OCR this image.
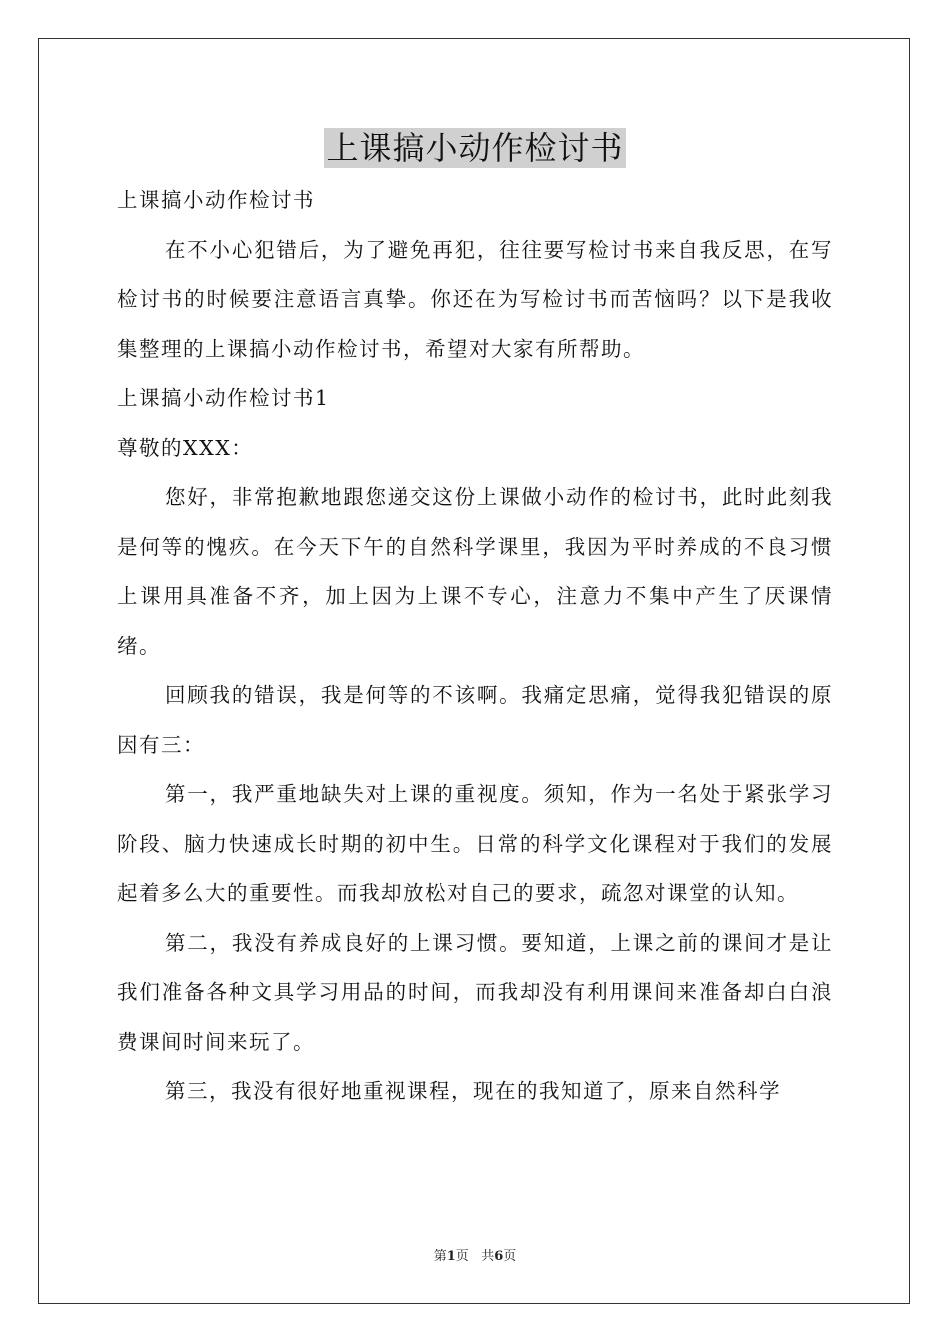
上课搞小动作检讨书

上课搞小动作检讨书

在不小心犯错后，为了避免再犯，往往要写检讨书来自我反思，在写检讨书的时候要注意语言真挚。你还在为写检讨书而苦恼吗？以下是我收集整理的上课搞小动作检讨书，希望对大家有所帮助。

上课搞小动作检讨书1

尊敬的XXX：

您好，非常抱歉地跟您递交这份上课做小动作的检讨书，此时此刻我是何等的愧疚。在今天下午的自然科学课里，我因为平时养成的不良习惯上课用具准备不齐，加上因为上课不专心，注意力不集中产生了厌课情绪。

回顾我的错误，我是何等的不该啊。我痛定思痛，觉得我犯错误的原因有三：

第一，我严重地缺失对上课的重视度。须知，作为一名处于紧张学习阶段、脑力快速成长时期的初中生。日常的科学文化课程对于我们的发展起着多么大的重要性。而我却放松对自己的要求，疏忽对课堂的认知。

第二，我没有养成良好的上课习惯。要知道，上课之前的课间才是让我们准备各种文具学习用品的时间，而我却没有利用课间来准备却白白浪费课间时间来玩了。

第三，我没有很好地重视课程，现在的我知道了，原来自然科学

第1页 共6页
